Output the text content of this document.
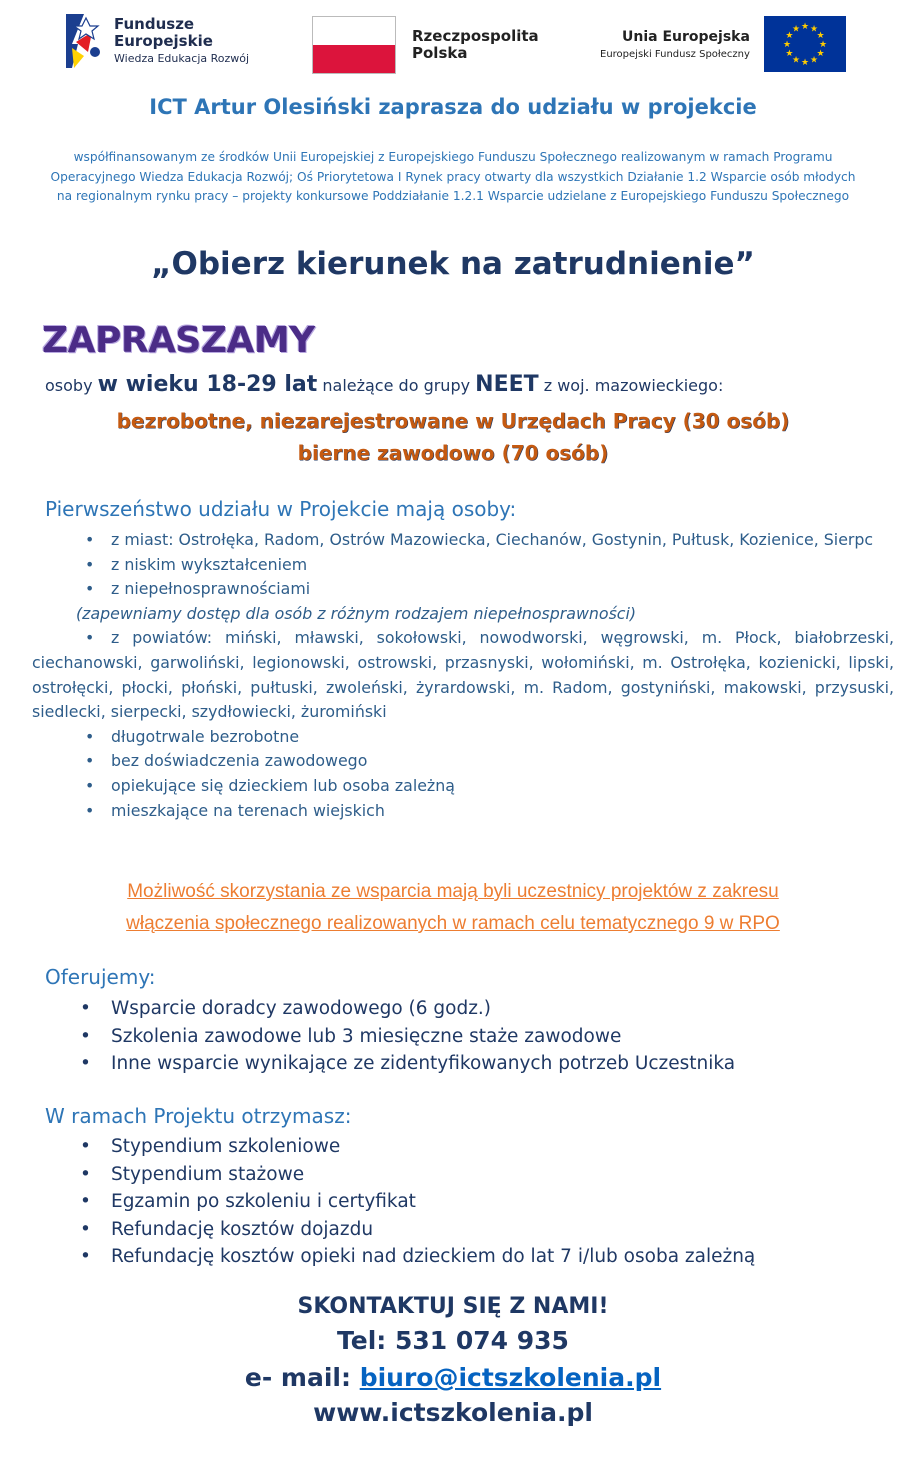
Fundusze
Europejskie
Wiedza Edukacja Rozwój
Rzeczpospolita
Polska
Unia Europejska
Europejski Fundusz Społeczny
★ ★
★
★
★
★
★
★
★
★
★
★
ICT Artur Olesiński zaprasza do udziału w projekcie
współfinansowanym ze środków Unii Europejskiej z Europejskiego Funduszu Społecznego realizowanym w ramach Programu Operacyjnego Wiedza Edukacja Rozwój; Oś Priorytetowa I Rynek pracy otwarty dla wszystkich Działanie 1.2 Wsparcie osób młodych na regionalnym rynku pracy – projekty konkursowe Poddziałanie 1.2.1 Wsparcie udzielane z Europejskiego Funduszu Społecznego
„Obierz kierunek na zatrudnienie”
ZAPRASZAMY
osoby w wieku 18-29 lat należące do grupy NEET z woj. mazowieckiego:
bezrobotne, niezarejestrowane w Urzędach Pracy (30 osób)
bierne zawodowo (70 osób)
Pierwszeństwo udziału w Projekcie mają osoby:
• z miast: Ostrołęka, Radom, Ostrów Mazowiecka, Ciechanów, Gostynin, Pułtusk, Kozienice, Sierpc
• z niskim wykształceniem
• z niepełnosprawnościami
(zapewniamy dostęp dla osób z różnym rodzajem niepełnosprawności)
• z powiatów: miński, mławski, sokołowski, nowodworski, węgrowski, m. Płock, białobrzeski, ciechanowski, garwoliński, legionowski, ostrowski, przasnyski, wołomiński, m. Ostrołęka, kozienicki, lipski, ostrołęcki, płocki, płoński, pułtuski, zwoleński, żyrardowski, m. Radom, gostyniński, makowski, przysuski, siedlecki, sierpecki, szydłowiecki, żuromiński
• długotrwale bezrobotne
• bez doświadczenia zawodowego
• opiekujące się dzieckiem lub osoba zależną
• mieszkające na terenach wiejskich
Możliwość skorzystania ze wsparcia mają byli uczestnicy projektów z zakresu
włączenia społecznego realizowanych w ramach celu tematycznego 9 w RPO
Oferujemy:
• Wsparcie doradcy zawodowego (6 godz.)
• Szkolenia zawodowe lub 3 miesięczne staże zawodowe
• Inne wsparcie wynikające ze zidentyfikowanych potrzeb Uczestnika
W ramach Projektu otrzymasz:
• Stypendium szkoleniowe
• Stypendium stażowe
• Egzamin po szkoleniu i certyfikat
• Refundację kosztów dojazdu
• Refundację kosztów opieki nad dzieckiem do lat 7 i/lub osoba zależną
SKONTAKTUJ SIĘ Z NAMI!
Tel: 531 074 935
e- mail: biuro@ictszkolenia.pl
www.ictszkolenia.pl
